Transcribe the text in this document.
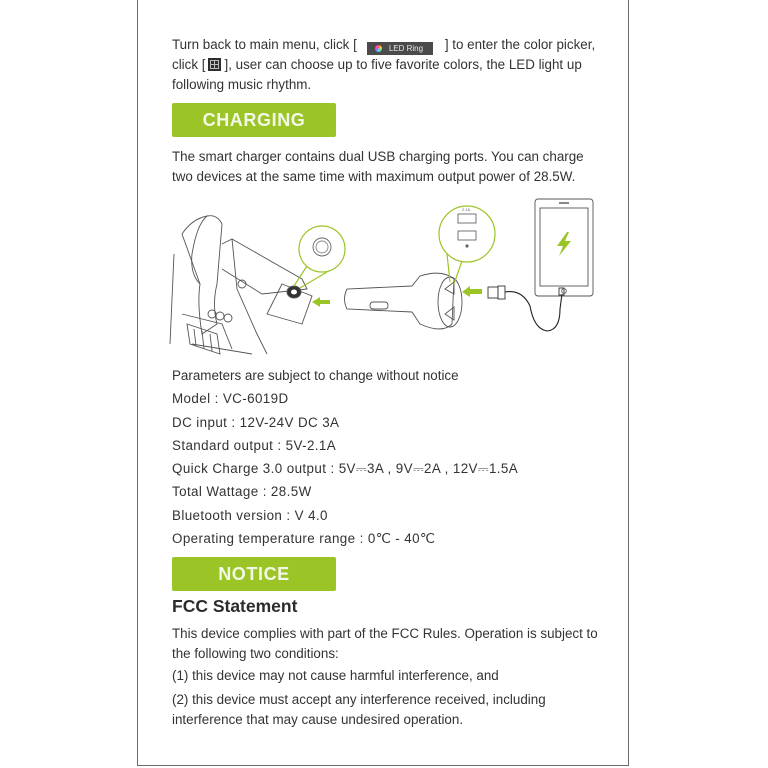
Turn back to main menu, click [	LED Ring ] to enter the color picker,
click [ ], user can choose up to five favorite colors, the LED light up
following music rhythm.
CHARGING
The smart charger contains dual USB charging ports. You can charge two devices at the same time with maximum output power of 28.5W.
2.1A
Parameters are subject to change without notice
Model : VC-6019D
DC input : 12V-24V DC 3A
Standard output : 5V-2.1A
Quick Charge 3.0 output : 5V⎓3A , 9V⎓2A , 12V⎓1.5A
Total Wattage : 28.5W
Bluetooth version : V 4.0
Operating temperature range : 0℃ - 40℃
NOTICE
FCC Statement
This device complies with part of the FCC Rules. Operation is subject to the following two conditions:
(1) this device may not cause harmful interference, and
(2) this device must accept any interference received, including interference that may cause undesired operation.
